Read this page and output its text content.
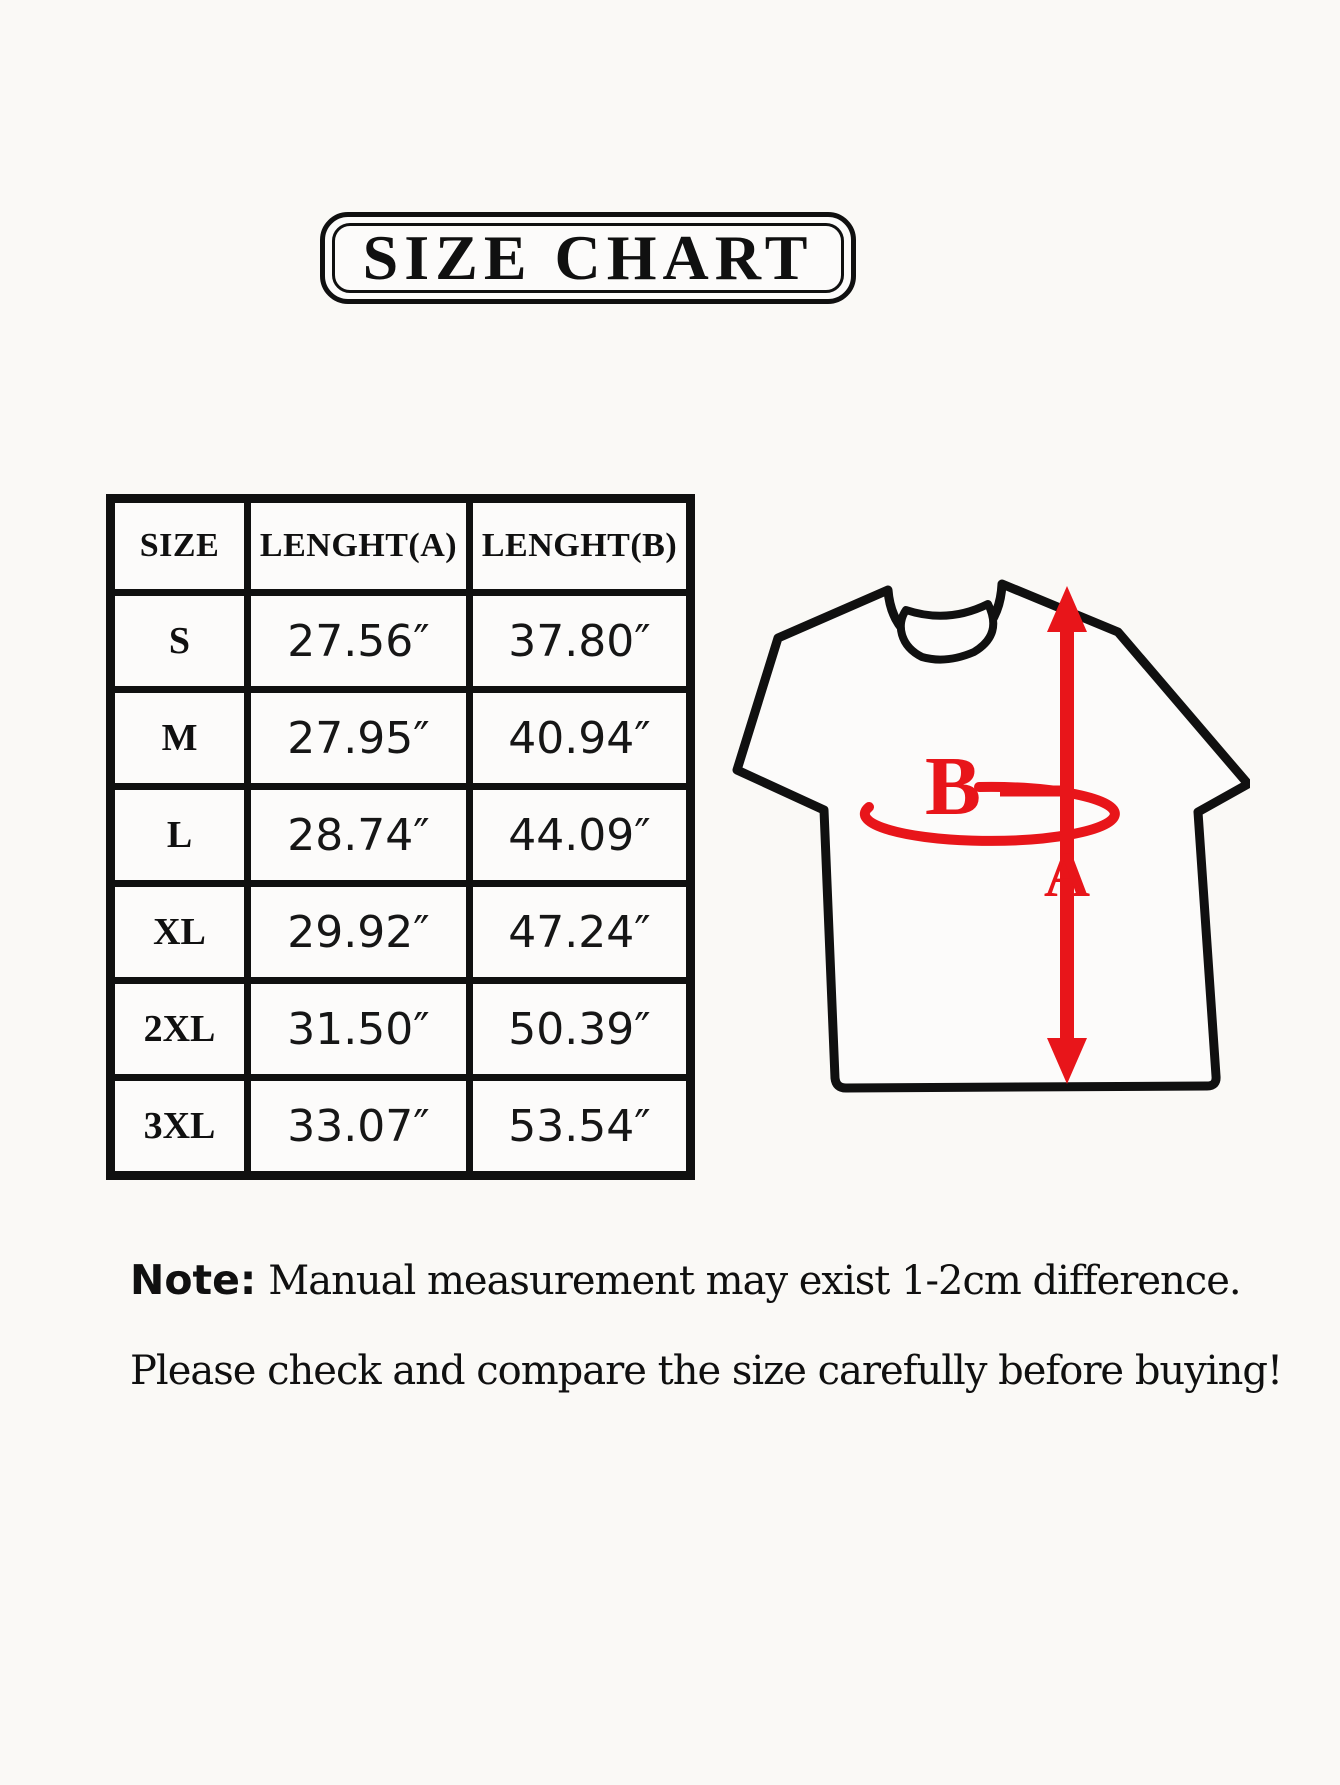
SIZE CHART
SIZE	LENGHT(A)	LENGHT(B)
S	27.56″	37.80″
M	27.95″	40.94″
L	28.74″	44.09″
XL	29.92″	47.24″
2XL	31.50″	50.39″
3XL	33.07″	53.54″
B
A

Note: Manual measurement may exist 1-2cm difference.

Please check and compare the size carefully before buying!
